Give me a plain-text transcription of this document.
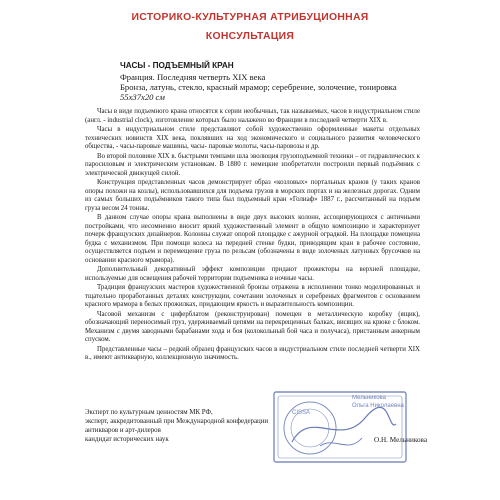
ИСТОРИКО-КУЛЬТУРНАЯ АТРИБУЦИОННАЯ
КОНСУЛЬТАЦИЯ
ЧАСЫ - ПОДЪЕМНЫЙ КРАН
Франция. Последняя четверть XIX века
Бронза, латунь, стекло, красный мрамор; серебрение, золочение, тонировка
55х37х20 см

Часы в виде подъемного крана относятся к серии необычных, так называемых, часов в индустриальном стиле (англ. - industrial clock), изготовление которых было налажено во Франции в последней четверти XIX в.

Часы в индустриальном стиле представляют собой художественно оформленные макеты отдельных технических новинств XIX века, поклявших на ход экономического и социального развития человеческого общества, - часы-паровые машины, часы- паровые молоты, часы-паровозы и др.

Во второй половине XIX в. быстрыми темпами шла эволюция грузоподъемной техники – от гидравлических к паросиловым и электрическим установкам. В 1880 г. немецкие изобретатели построили первый подъёмник с электрической движущей силой.

Конструкция представленных часов демонстрирует образ «козловых» портальных кранов (у таких кранов опоры похожи на козлы), использовавшихся для подъема грузов в морских портах и на железных дорогах. Одним из самых больших подъёмников такого типа был подъемный кран «Голиаф» 1887 г., рассчитанный на подъем груза весом 24 тонны.

В данном случае опоры крана выполнены в виде двух высоких колонн, ассоциирующихся с античными постройками, что несомненно вносит яркий художественный элемент в общую композицию и характеризует почерк французских дизайнеров. Колонны служат опорой площадке с ажурной оградкой. На площадке помещена будка с механизмом. При помощи колеса на передней стенке будки, приводящим кран в рабочее состояние, осуществляется подъем и перемещение груза по рельсам (обозначены в виде золоченых латунных брусочков на основании красного мрамора).

Дополнительный декоративный эффект композиции придают прожекторы на верхней площадке, используемые для освещения рабочей территории подъемника в ночные часы.

Традиция французских мастеров художественной бронзы отражена в исполнении тонко моделированных и тщательно проработанных деталях конструкции, сочетании золоченых и серебреных фрагментов с основанием красного мрамора в белых прожилках, придающим яркость и выразительность композиции.

Часовой механизм с циферблатом (реконструирован) помещен в металлическую коробку (ящик), обозначающий переносимый груз, удерживаемый цепями на перекрещенных балках, висящих на крюке с блоком. Механизм с двумя заводными барабанами хода и боя (колокольный бой часа и получаса), пристанным анкерным спуском.

Представленные часы – редкий образец французских часов в индустриальном стиле последней четверти XIX в., имеют антикварную, коллекционную значимость.

Мельникова
Ольга Николаевна
CISSA
Эксперт по культурным ценностям МК РФ,
эксперт, аккредитованный при Международной конфедерации
антикваров и арт-дилеров
кандидат исторических наук	О.Н. Мельникова
